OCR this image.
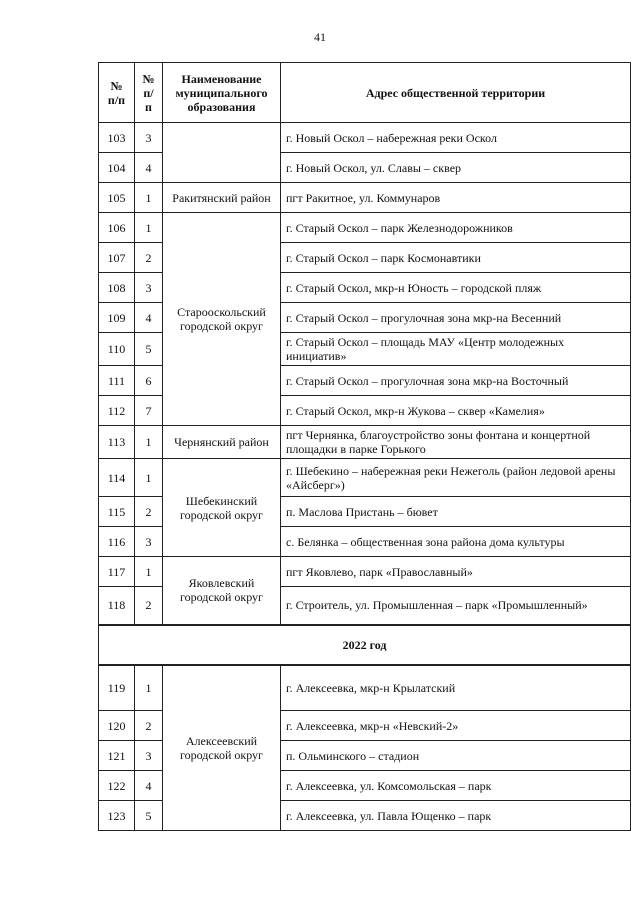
41
№ п/п	№ п/п	Наименование муниципального образования	Адрес общественной территории
103	3		г. Новый Оскол – набережная реки Оскол
104	4		г. Новый Оскол, ул. Славы – сквер
105	1	Ракитянский район	пгт Ракитное, ул. Коммунаров
106	1	Старооскольский городской округ	г. Старый Оскол – парк Железнодорожников
107	2		г. Старый Оскол – парк Космонавтики
108	3		г. Старый Оскол, мкр-н Юность – городской пляж
109	4		г. Старый Оскол – прогулочная зона мкр-на Весенний
110	5		г. Старый Оскол – площадь МАУ «Центр молодежных инициатив»
111	6		г. Старый Оскол – прогулочная зона мкр-на Восточный
112	7		г. Старый Оскол, мкр-н Жукова – сквер «Камелия»
113	1	Чернянский район	пгт Чернянка, благоустройство зоны фонтана и концертной площадки в парке Горького
114	1	Шебекинский городской округ	г. Шебекино – набережная реки Нежеголь (район ледовой арены «Айсберг»)
115	2		п. Маслова Пристань – бювет
116	3		с. Белянка – общественная зона района дома культуры
117	1	Яковлевский городской округ	пгт Яковлево, парк «Православный»
118	2		г. Строитель, ул. Промышленная – парк «Промышленный»
2022 год			
119	1	Алексеевский городской округ	г. Алексеевка, мкр-н Крылатский
120	2		г. Алексеевка, мкр-н «Невский-2»
121	3		п. Ольминского – стадион
122	4		г. Алексеевка, ул. Комсомольская – парк
123	5		г. Алексеевка, ул. Павла Ющенко – парк
